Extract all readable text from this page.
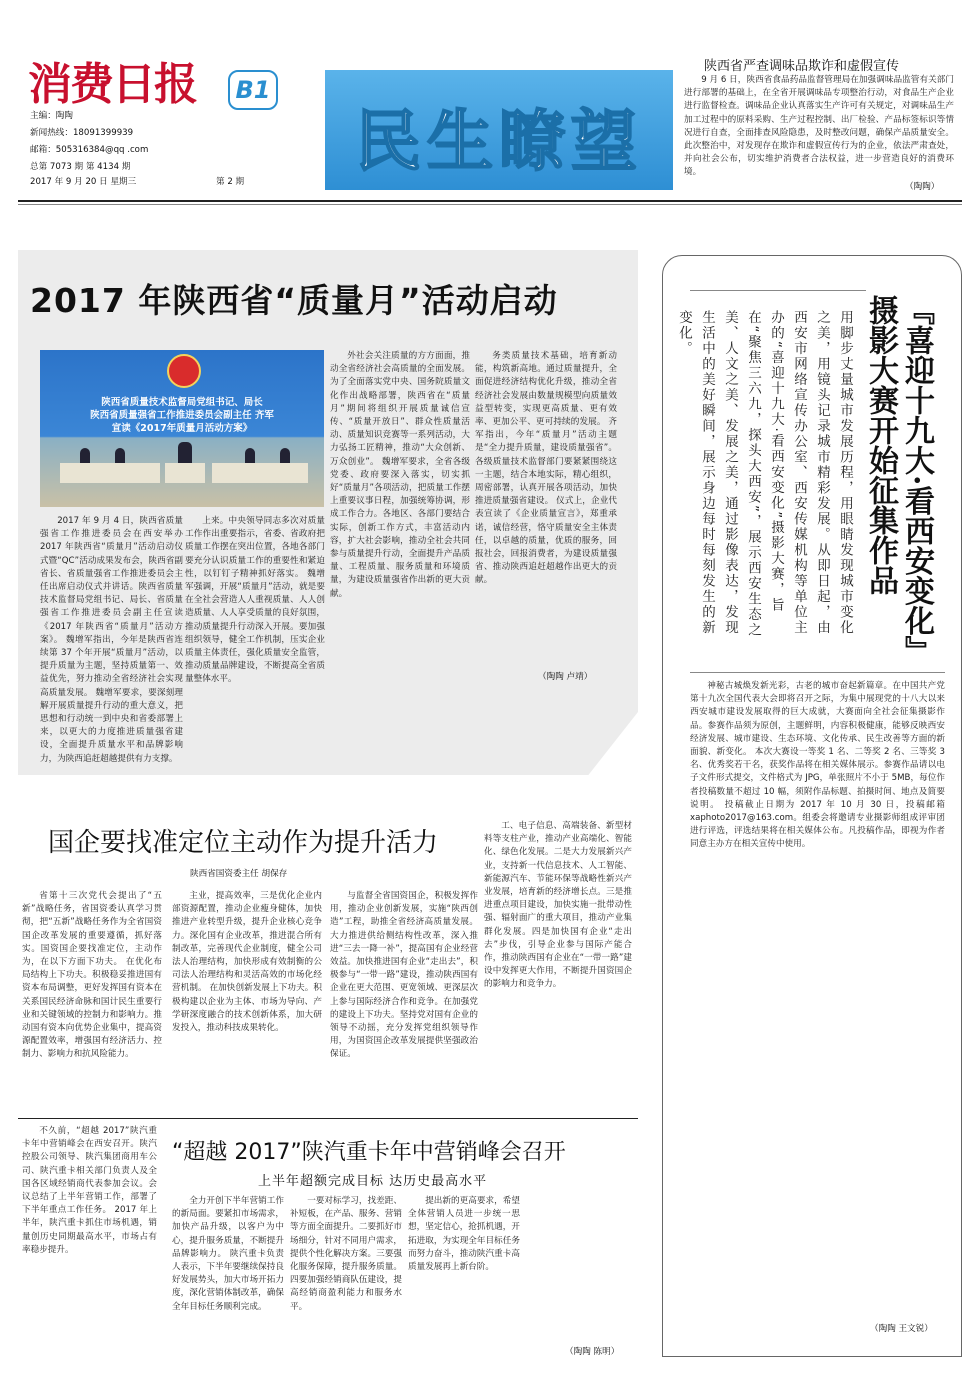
消费日报	B1
主编：陶陶
新闻热线：18091399939
邮箱：505316384@qq .com
总第 7073 期 第 4134 期
2017 年 9 月 20 日 星期三	第 2 期
民生瞭望
陕西省严查调味品欺诈和虚假宣传
9 月 6 日，陕西省食品药品监督管理局在加强调味品监管有关部门进行部署的基础上，在全省开展调味品专项整治行动，对食品生产企业进行监督检查。调味品企业认真落实生产许可有关规定，对调味品生产加工过程中的原料采购、生产过程控制、出厂检验、产品标签标识等情况进行自查，全面排查风险隐患，及时整改问题，确保产品质量安全。此次整治中，对发现存在欺诈和虚假宣传行为的企业，依法严肃查处，并向社会公布，切实维护消费者合法权益，进一步营造良好的消费环境。
（陶陶）
2017 年陕西省“质量月”活动启动
陕西省质量技术监督局党组书记、局长
陕西省质量强省工作推进委员会副主任 齐军
宣读《2017年质量月活动方案》
2017 年 9 月 4 日，陕西省质量强省工作推进委员会在西安举办 2017 年陕西省“质量月”活动启动仪式暨“QC”活动成果发布会，陕西省副省长、省质量强省工作推进委员会主任出席启动仪式并讲话。陕西省质量技术监督局党组书记、局长、省质量强省工作推进委员会副主任宣读《2017 年陕西省“质量月”活动方案》。 魏增军指出，今年是陕西省连续第 37 个年开展“质量月”活动，以提升质量为主题，坚持质量第一、效益优先，努力推动全省经济社会实现高质量发展。 魏增军要求，要深刻理解开展质量提升行动的重大意义，把思想和行动统一到中央和省委部署上来，以更大的力度推进质量强省建设，全面提升质量水平和品牌影响力，为陕西追赶超越提供有力支撑。
上来。中央领导同志多次对质量工作作出重要指示，省委、省政府把质量工作摆在突出位置，各地各部门要充分认识质量工作的重要性和紧迫性，以钉钉子精神抓好落实。 魏增军强调，开展“质量月”活动，就是要在全社会营造人人重视质量、人人创造质量、人人享受质量的良好氛围，推动质量提升行动深入开展。要加强组织领导，健全工作机制，压实企业质量主体责任，强化质量安全监管，推动质量品牌建设，不断提高全省质量整体水平。
外社会关注质量的方方面面，推动全省经济社会高质量的全面发展。为了全面落实党中央、国务院质量文化作出战略部署，陕西省在“质量月”期间将组织开展质量诚信宣传、“质量开放日”、群众性质量活动、质量知识竞赛等一系列活动，大力弘扬工匠精神，推动“大众创新、万众创业”。 魏增军要求，全省各级党委、政府要深入落实，切实抓好“质量月”各项活动，把质量工作摆上重要议事日程，加强统筹协调，形成工作合力。各地区、各部门要结合实际，创新工作方式，丰富活动内容，扩大社会影响，推动全社会共同参与质量提升行动，全面提升产品质量、工程质量、服务质量和环境质量，为建设质量强省作出新的更大贡献。
务类质量技术基础，培育新动能，构筑新高地。通过质量提升，全面促进经济结构优化升级，推动全省经济社会发展由数量规模型向质量效益型转变，实现更高质量、更有效率、更加公平、更可持续的发展。 齐军指出，今年“质量月”活动主题是“全力提升质量，建设质量强省”。各级质量技术监督部门要紧紧围绕这一主题，结合本地实际，精心组织，周密部署，认真开展各项活动，加快推进质量强省建设。 仪式上，企业代表宣读了《企业质量宣言》，郑重承诺，诚信经营，恪守质量安全主体责任，以卓越的质量，优质的服务，回报社会，回报消费者，为建设质量强省、推动陕西追赶超越作出更大的贡献。
（陶陶 卢靖）
国企要找准定位主动作为提升活力
陕西省国资委主任 胡保存
省第十三次党代会提出了“五新”战略任务，省国资委认真学习贯彻，把“五新”战略任务作为全省国资国企改革发展的重要遵循，抓好落实。国资国企要找准定位，主动作为，在以下方面下功夫。 在优化布局结构上下功夫。积极稳妥推进国有资本布局调整，更好发挥国有资本在关系国民经济命脉和国计民生重要行业和关键领域的控制力和影响力。推动国有资本向优势企业集中，提高资源配置效率，增强国有经济活力、控制力、影响力和抗风险能力。
主业，提高效率，三是优化企业内部资源配置，推动企业瘦身健体，加快推进产业转型升级，提升企业核心竞争力。深化国有企业改革，推进混合所有制改革，完善现代企业制度，健全公司法人治理结构，加快形成有效制衡的公司法人治理结构和灵活高效的市场化经营机制。 在加快创新发展上下功夫。积极构建以企业为主体、市场为导向、产学研深度融合的技术创新体系，加大研发投入，推动科技成果转化。
与监督全省国资国企，积极发挥作用，推动企业创新发展，实施“陕西创造”工程，助推全省经济高质量发展。大力推进供给侧结构性改革，深入推进“三去一降一补”，提高国有企业经营效益。加快推进国有企业“走出去”，积极参与“一带一路”建设，推动陕西国有企业在更大范围、更宽领域、更深层次上参与国际经济合作和竞争。在加强党的建设上下功夫。坚持党对国有企业的领导不动摇，充分发挥党组织领导作用，为国资国企改革发展提供坚强政治保证。
工、电子信息、高端装备、新型材料等支柱产业，推动产业高端化、智能化、绿色化发展。二是大力发展新兴产业，支持新一代信息技术、人工智能、新能源汽车、节能环保等战略性新兴产业发展，培育新的经济增长点。三是推进重点项目建设，加快实施一批带动性强、辐射面广的重大项目，推动产业集群化发展。四是加快国有企业“走出去”步伐，引导企业参与国际产能合作，推动陕西国有企业在“一带一路”建设中发挥更大作用，不断提升国资国企的影响力和竞争力。
不久前，“超越 2017”陕汽重卡年中营销峰会在西安召开。陕汽控股公司领导、陕汽集团商用车公司、陕汽重卡相关部门负责人及全国各区域经销商代表参加会议。会议总结了上半年营销工作，部署了下半年重点工作任务。 2017 年上半年，陕汽重卡抓住市场机遇，销量创历史同期最高水平，市场占有率稳步提升。
“超越 2017”陕汽重卡年中营销峰会召开
上半年超额完成目标 达历史最高水平
全力开创下半年营销工作的新局面。要紧扣市场需求，加快产品升级，以客户为中心，提升服务质量，不断提升品牌影响力。 陕汽重卡负责人表示，下半年要继续保持良好发展势头，加大市场开拓力度，深化营销体制改革，确保全年目标任务顺利完成。
一要对标学习，找差距、补短板，在产品、服务、营销等方面全面提升。二要抓好市场细分，针对不同用户需求，提供个性化解决方案。三要强化服务保障，提升服务质量。四要加强经销商队伍建设，提高经销商盈利能力和服务水平。
提出新的更高要求，希望全体营销人员进一步统一思想，坚定信心，抢抓机遇，开拓进取，为实现全年目标任务而努力奋斗，推动陕汽重卡高质量发展再上新台阶。
（陶陶 陈明）
『喜迎十九大·看西安变化』摄影大赛开始征集作品
用脚步丈量城市发展历程，用眼睛发现城市变化之美，用镜头记录城市精彩发展。从即日起，由西安市网络宣传办公室、西安传媒机构等单位主办的“喜迎十九大·看西安变化”摄影大赛，旨在“聚焦三六九，探头大西安”，展示西安生态之美、人文之美、发展之美，通过影像表达，发现生活中的美好瞬间，展示身边每时每刻发生的新变化。
神秘古城焕发新光彩，古老的城市奋起新篇章。在中国共产党第十九次全国代表大会即将召开之际，为集中展现党的十八大以来西安城市建设发展取得的巨大成就，大赛面向全社会征集摄影作品。参赛作品须为原创，主题鲜明，内容积极健康，能够反映西安经济发展、城市建设、生态环境、文化传承、民生改善等方面的新面貌、新变化。 本次大赛设一等奖 1 名、二等奖 2 名、三等奖 3 名、优秀奖若干名，获奖作品将在相关媒体展示。参赛作品请以电子文件形式提交，文件格式为 JPG，单张照片不小于 5MB，每位作者投稿数量不超过 10 幅，须附作品标题、拍摄时间、地点及简要说明。 投稿截止日期为 2017 年 10 月 30 日，投稿邮箱 xaphoto2017@163.com。组委会将邀请专业摄影师组成评审团进行评选，评选结果将在相关媒体公布。凡投稿作品，即视为作者同意主办方在相关宣传中使用。
（陶陶 王文锐）
